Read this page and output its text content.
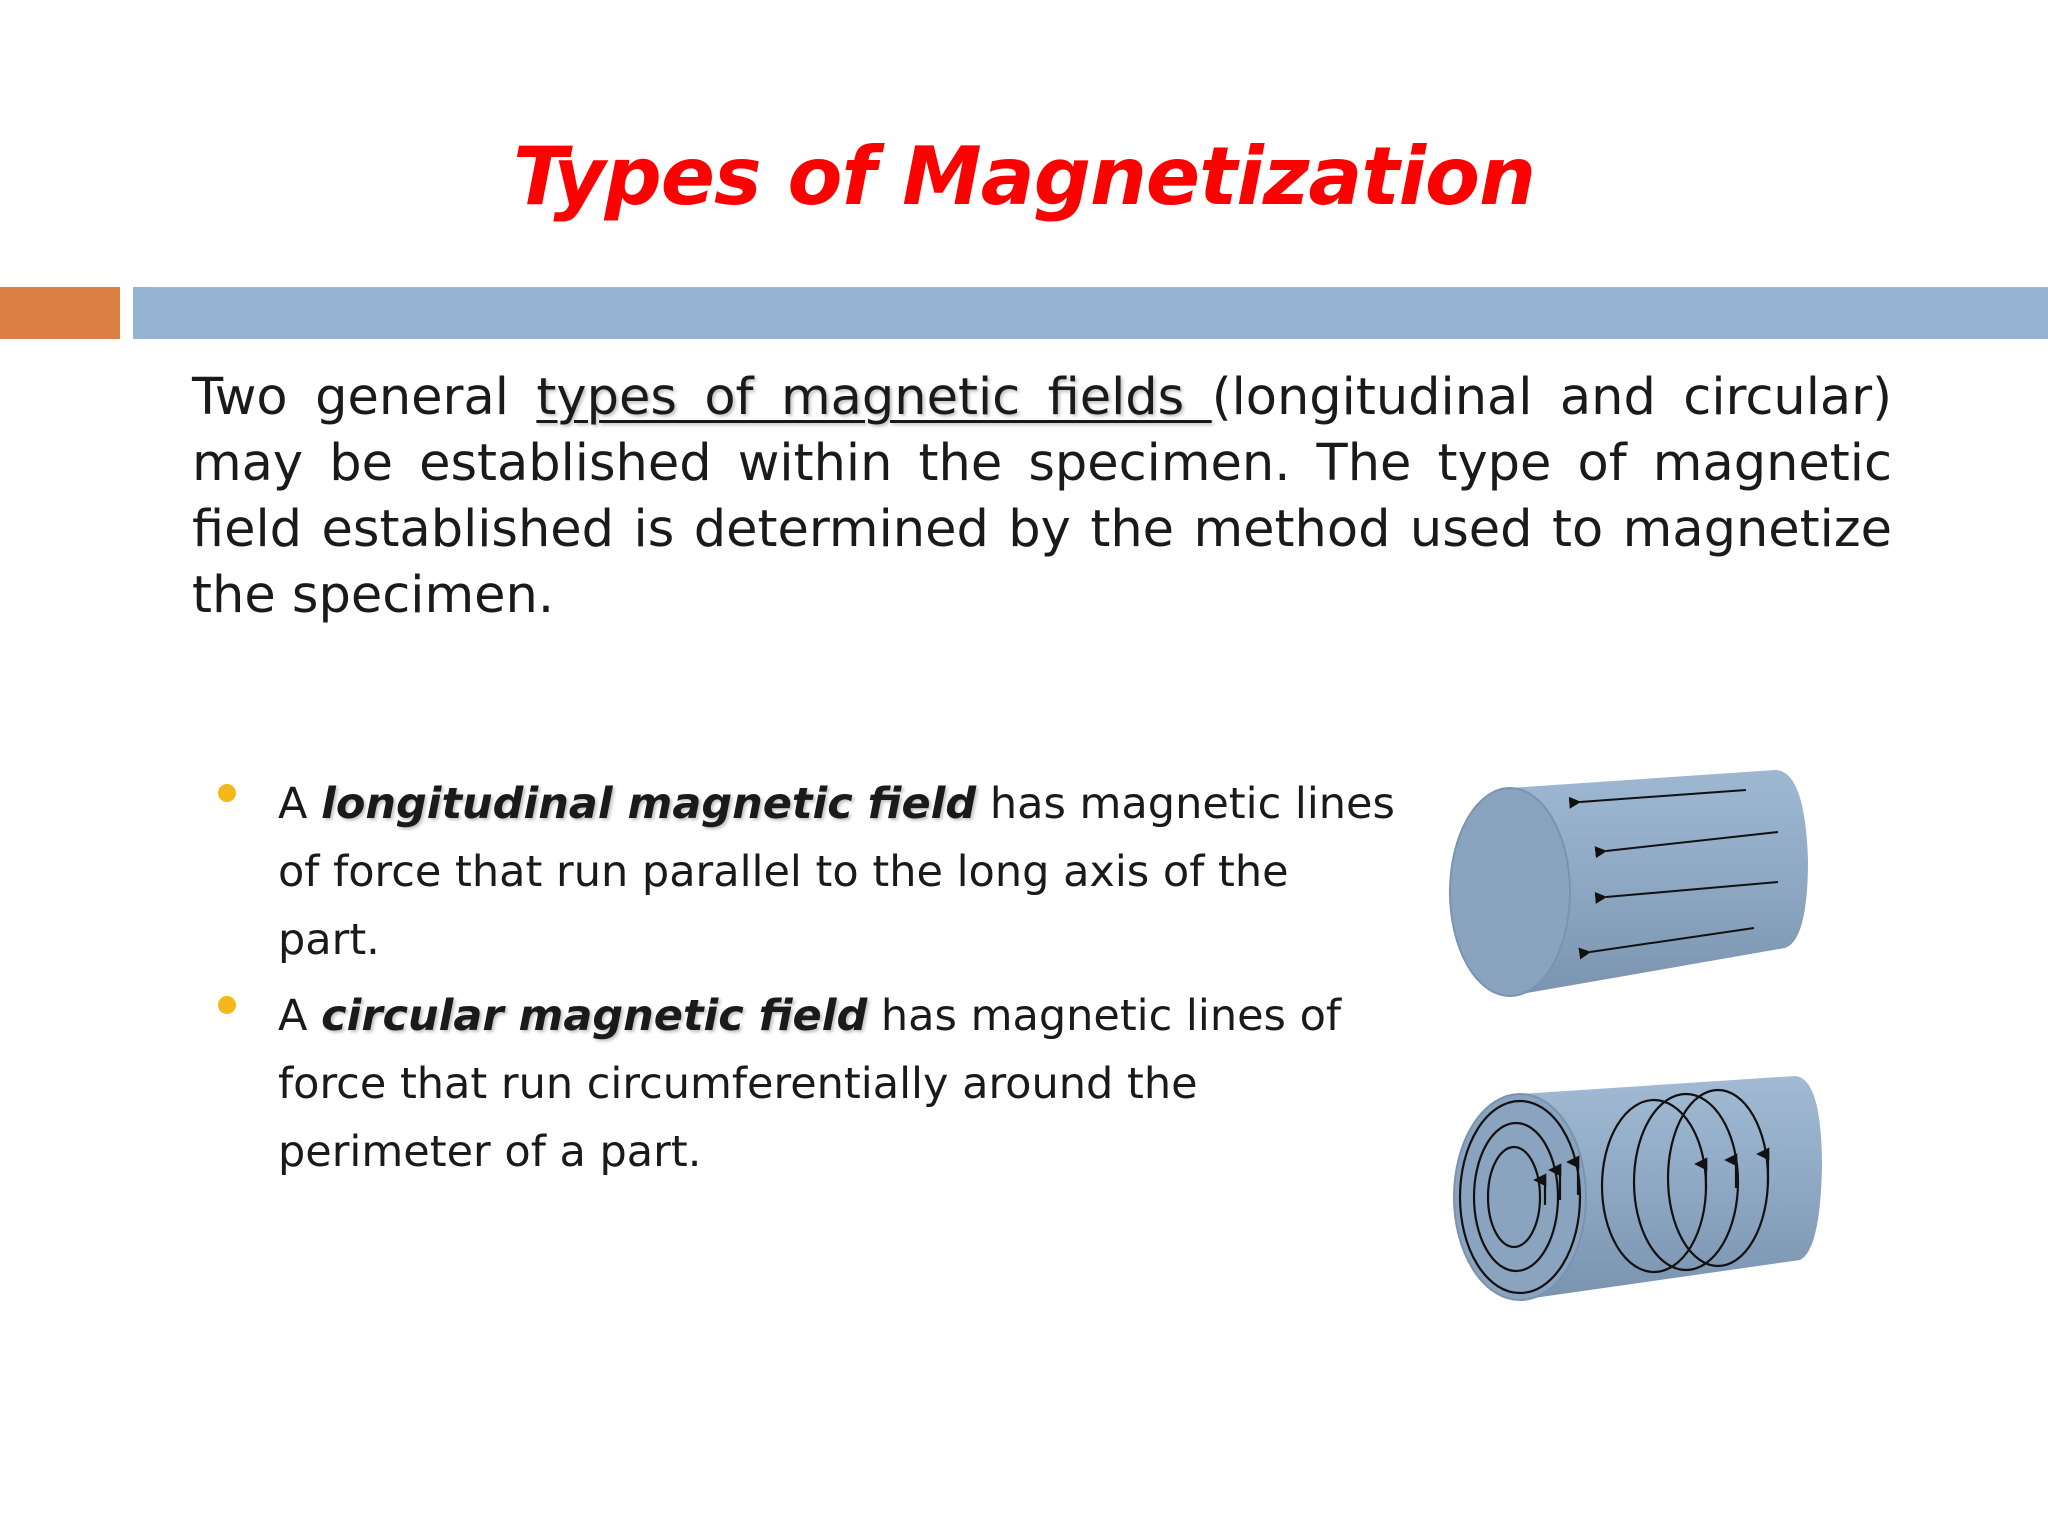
Types of Magnetization

Two general types of magnetic fields (longitudinal and circular) may be established within the specimen. The type of magnetic field established is determined by the method used to magnetize the specimen.

A longitudinal magnetic field has magnetic lines of force that run parallel to the long axis of the part.
A circular magnetic field has magnetic lines of force that run circumferentially around the perimeter of a part.
